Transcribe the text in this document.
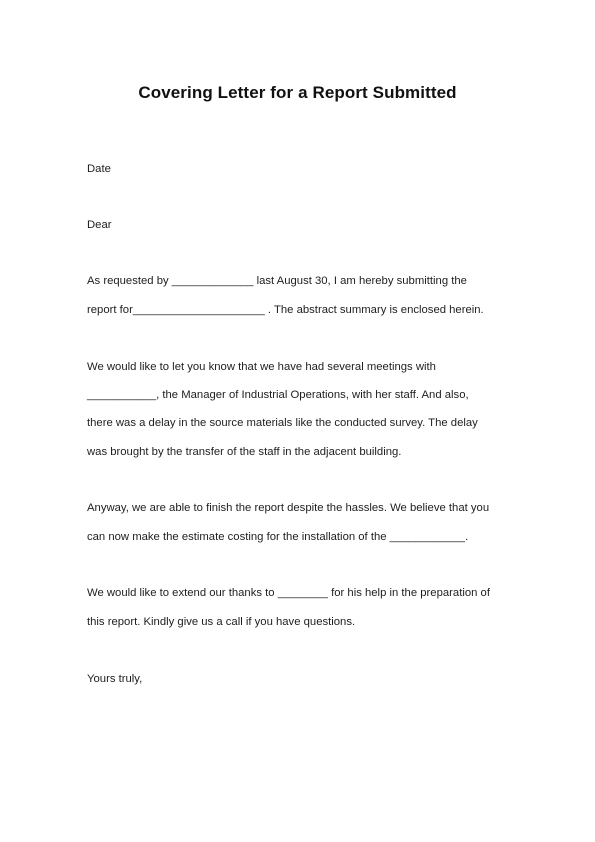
Covering Letter for a Report Submitted
Date
Dear
As requested by _____________ last August 30, I am hereby submitting the
report for_____________________ . The abstract summary is enclosed herein.
We would like to let you know that we have had several meetings with
___________, the Manager of Industrial Operations, with her staff. And also,
there was a delay in the source materials like the conducted survey. The delay
was brought by the transfer of the staff in the adjacent building.
Anyway, we are able to finish the report despite the hassles. We believe that you
can now make the estimate costing for the installation of the ____________.
We would like to extend our thanks to ________ for his help in the preparation of
this report. Kindly give us a call if you have questions.
Yours truly,
